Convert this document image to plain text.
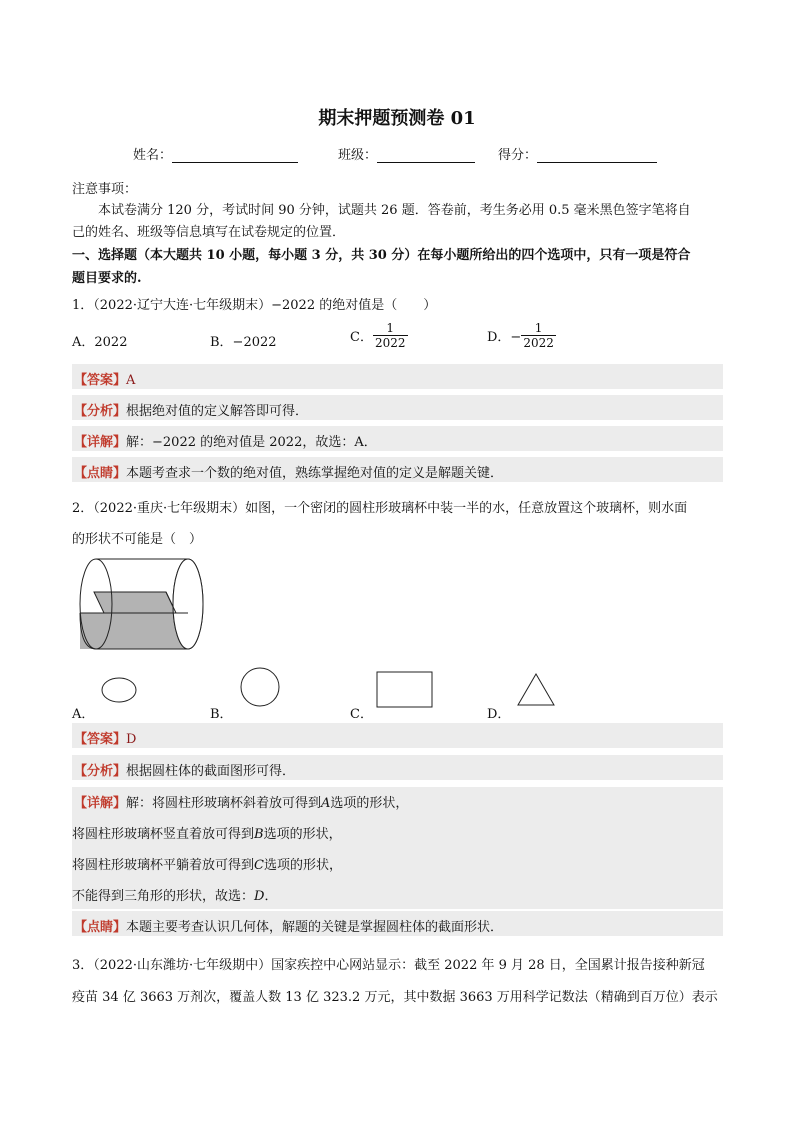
期末押题预测卷 01
姓名：	班级：	得分：
注意事项：
本试卷满分 120 分，考试时间 90 分钟，试题共 26 题．答卷前，考生务必用 0.5 毫米黑色签字笔将自
己的姓名、班级等信息填写在试卷规定的位置．
一、选择题（本大题共 10 小题，每小题 3 分，共 30 分）在每小题所给出的四个选项中，只有一项是符合
题目要求的.
1．（2022·辽宁大连·七年级期末）−2022 的绝对值是（　　）
A．2022	B．−2022	C． $\frac{1}{2022}$	D．− $\frac{1}{2022}$
【答案】A
【分析】根据绝对值的定义解答即可得．
【详解】解：−2022 的绝对值是 2022，故选：A．
【点睛】本题考查求一个数的绝对值，熟练掌握绝对值的定义是解题关键．
2．（2022·重庆·七年级期末）如图，一个密闭的圆柱形玻璃杯中装一半的水，任意放置这个玻璃杯，则水面
的形状不可能是（　）
A．	B．	C．	D．
【答案】D
【分析】根据圆柱体的截面图形可得．
【详解】解：将圆柱形玻璃杯斜着放可得到A选项的形状，
将圆柱形玻璃杯竖直着放可得到B选项的形状，
将圆柱形玻璃杯平躺着放可得到C选项的形状，
不能得到三角形的形状，故选：D．
【点睛】本题主要考查认识几何体，解题的关键是掌握圆柱体的截面形状．
3．（2022·山东潍坊·七年级期中）国家疾控中心网站显示：截至 2022 年 9 月 28 日，全国累计报告接种新冠
疫苗 34 亿 3663 万剂次，覆盖人数 13 亿 323.2 万元，其中数据 3663 万用科学记数法（精确到百万位）表示
